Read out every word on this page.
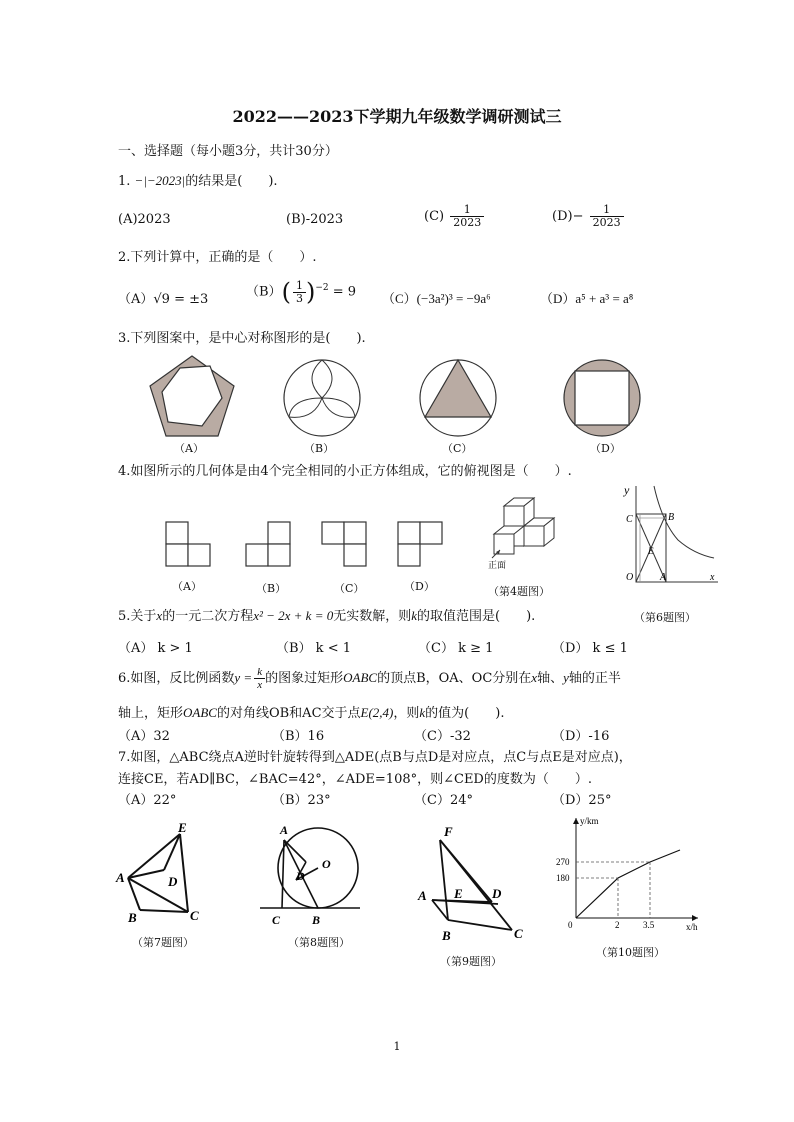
2022——2023下学期九年级数学调研测试三
一、选择题（每小题3分，共计30分）
1. −|−2023|的结果是(　　).
(A)2023	(B)-2023	$(C) \frac{1}{2023}$	$(D)- \frac{1}{2023}$
2.下列计算中，正确的是（　　）.
（A）√9 = ±3	$(B)( \frac{1}{3} )^{-2} = 9$ （C）(−3a²)³ = −9a⁶	（D）a⁵ + a³ = a⁸
3.下列图案中，是中心对称图形的是(　　).
（A）	（B）	（C）	（D）
4.如图所示的几何体是由4个完全相同的小正方体组成，它的俯视图是（　　）.
（A）	（B）	（C）	（D）
正面
（第4题图）
y
x
C	B
E
O	A
（第6题图）
5.关于x的一元二次方程x² − 2x + k = 0无实数解，则k的取值范围是(　　).
（A） k > 1	（B） k < 1	（C） k ≥ 1	（D） k ≤ 1
6.如图，反比例函数$y = \frac{k}{x}$ 的图象过矩形OABC的顶点B，OA、OC分别在x轴、y轴的正半
轴上，矩形OABC的对角线OB和AC交于点E(2,4)，则k的值为(　　).
（A）32	（B）16	（C）-32	（D）-16
7.如图，△ABC绕点A逆时针旋转得到△ADE(点B与点D是对应点，点C与点E是对应点)，
连接CE，若AD∥BC，∠BAC=42°，∠ADE=108°，则∠CED的度数为（　　）.
（A）22°	（B）23°	（C）24°	（D）25°
E
A	D
B	C
（第7题图）
A
O
D
C	B
（第8题图）
F
A E D
B	C
（第9题图）
y/km
x/h
0
270
180
2	3.5
（第10题图）
1
